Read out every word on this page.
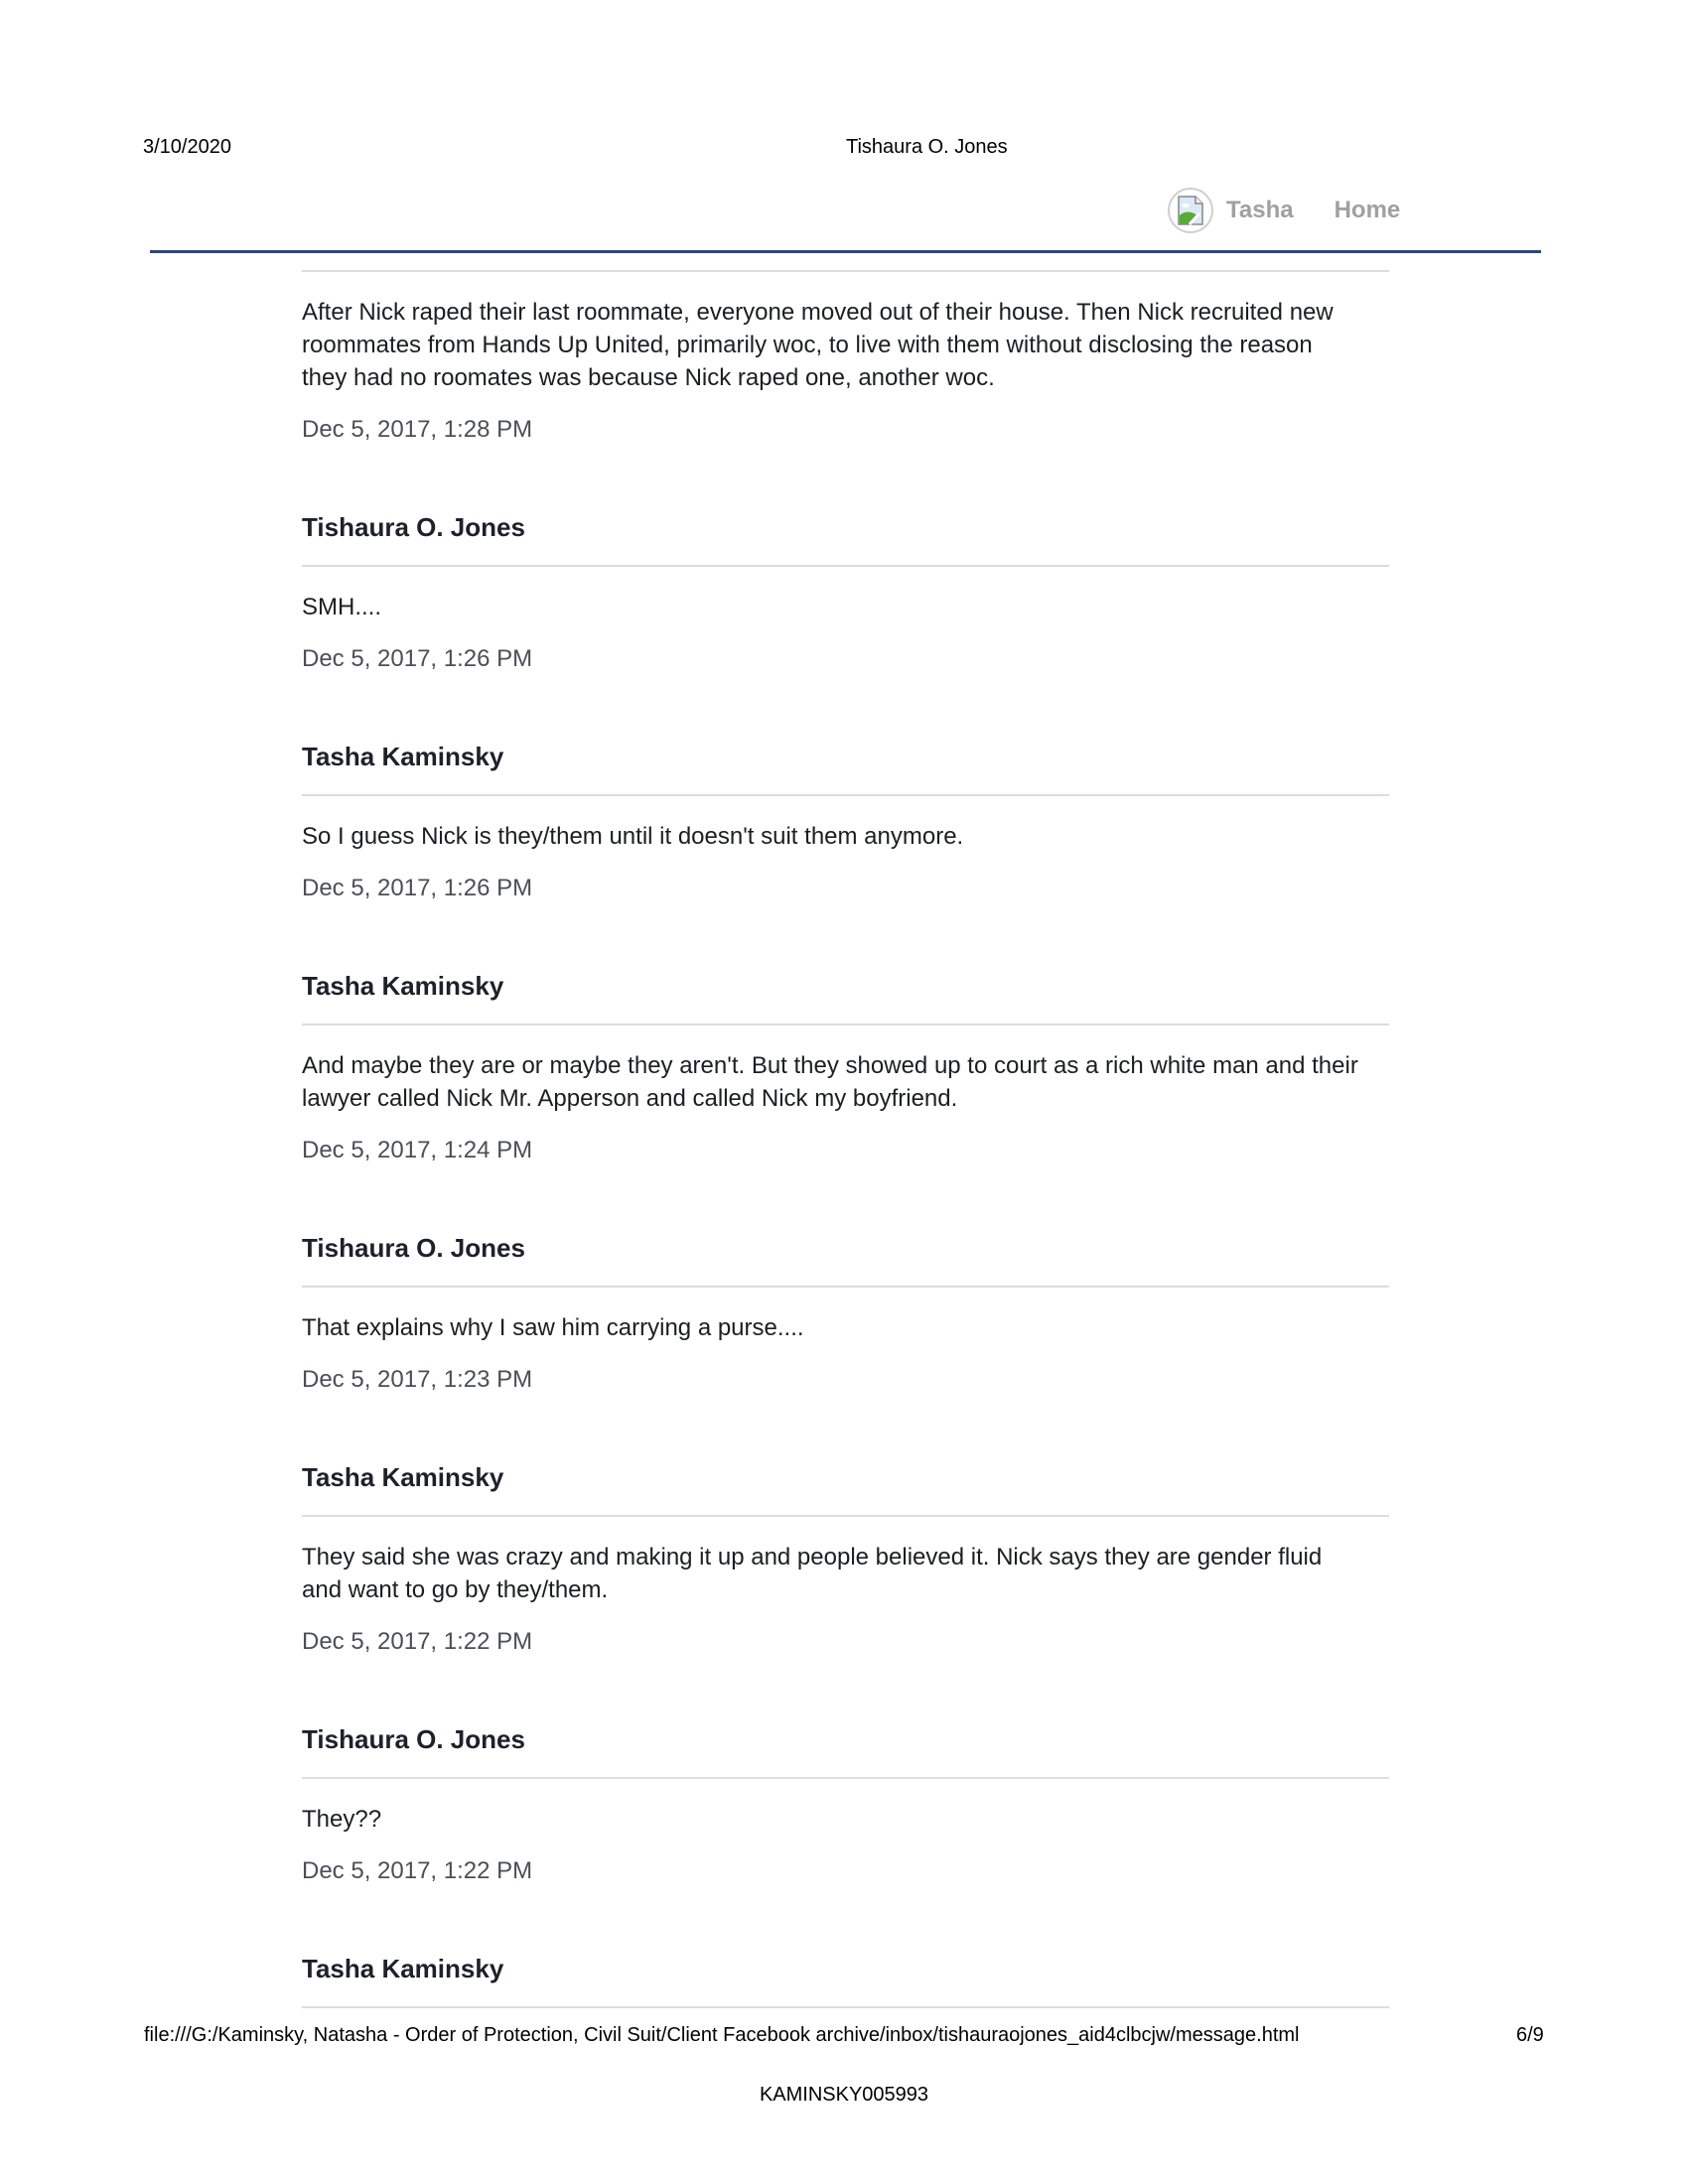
3/10/2020	Tishaura O. Jones
Tasha Home
After Nick raped their last roommate, everyone moved out of their house. Then Nick recruited new
roommates from Hands Up United, primarily woc, to live with them without disclosing the reason
they had no roomates was because Nick raped one, another woc.
Dec 5, 2017, 1:28 PM
Tishaura O. Jones
SMH....
Dec 5, 2017, 1:26 PM
Tasha Kaminsky
So I guess Nick is they/them until it doesn't suit them anymore.
Dec 5, 2017, 1:26 PM
Tasha Kaminsky
And maybe they are or maybe they aren't. But they showed up to court as a rich white man and their
lawyer called Nick Mr. Apperson and called Nick my boyfriend.
Dec 5, 2017, 1:24 PM
Tishaura O. Jones
That explains why I saw him carrying a purse....
Dec 5, 2017, 1:23 PM
Tasha Kaminsky
They said she was crazy and making it up and people believed it. Nick says they are gender fluid
and want to go by they/them.
Dec 5, 2017, 1:22 PM
Tishaura O. Jones
They??
Dec 5, 2017, 1:22 PM
Tasha Kaminsky
file:///G:/Kaminsky, Natasha - Order of Protection, Civil Suit/Client Facebook archive/inbox/tishauraojones_aid4clbcjw/message.html	6/9
KAMINSKY005993
